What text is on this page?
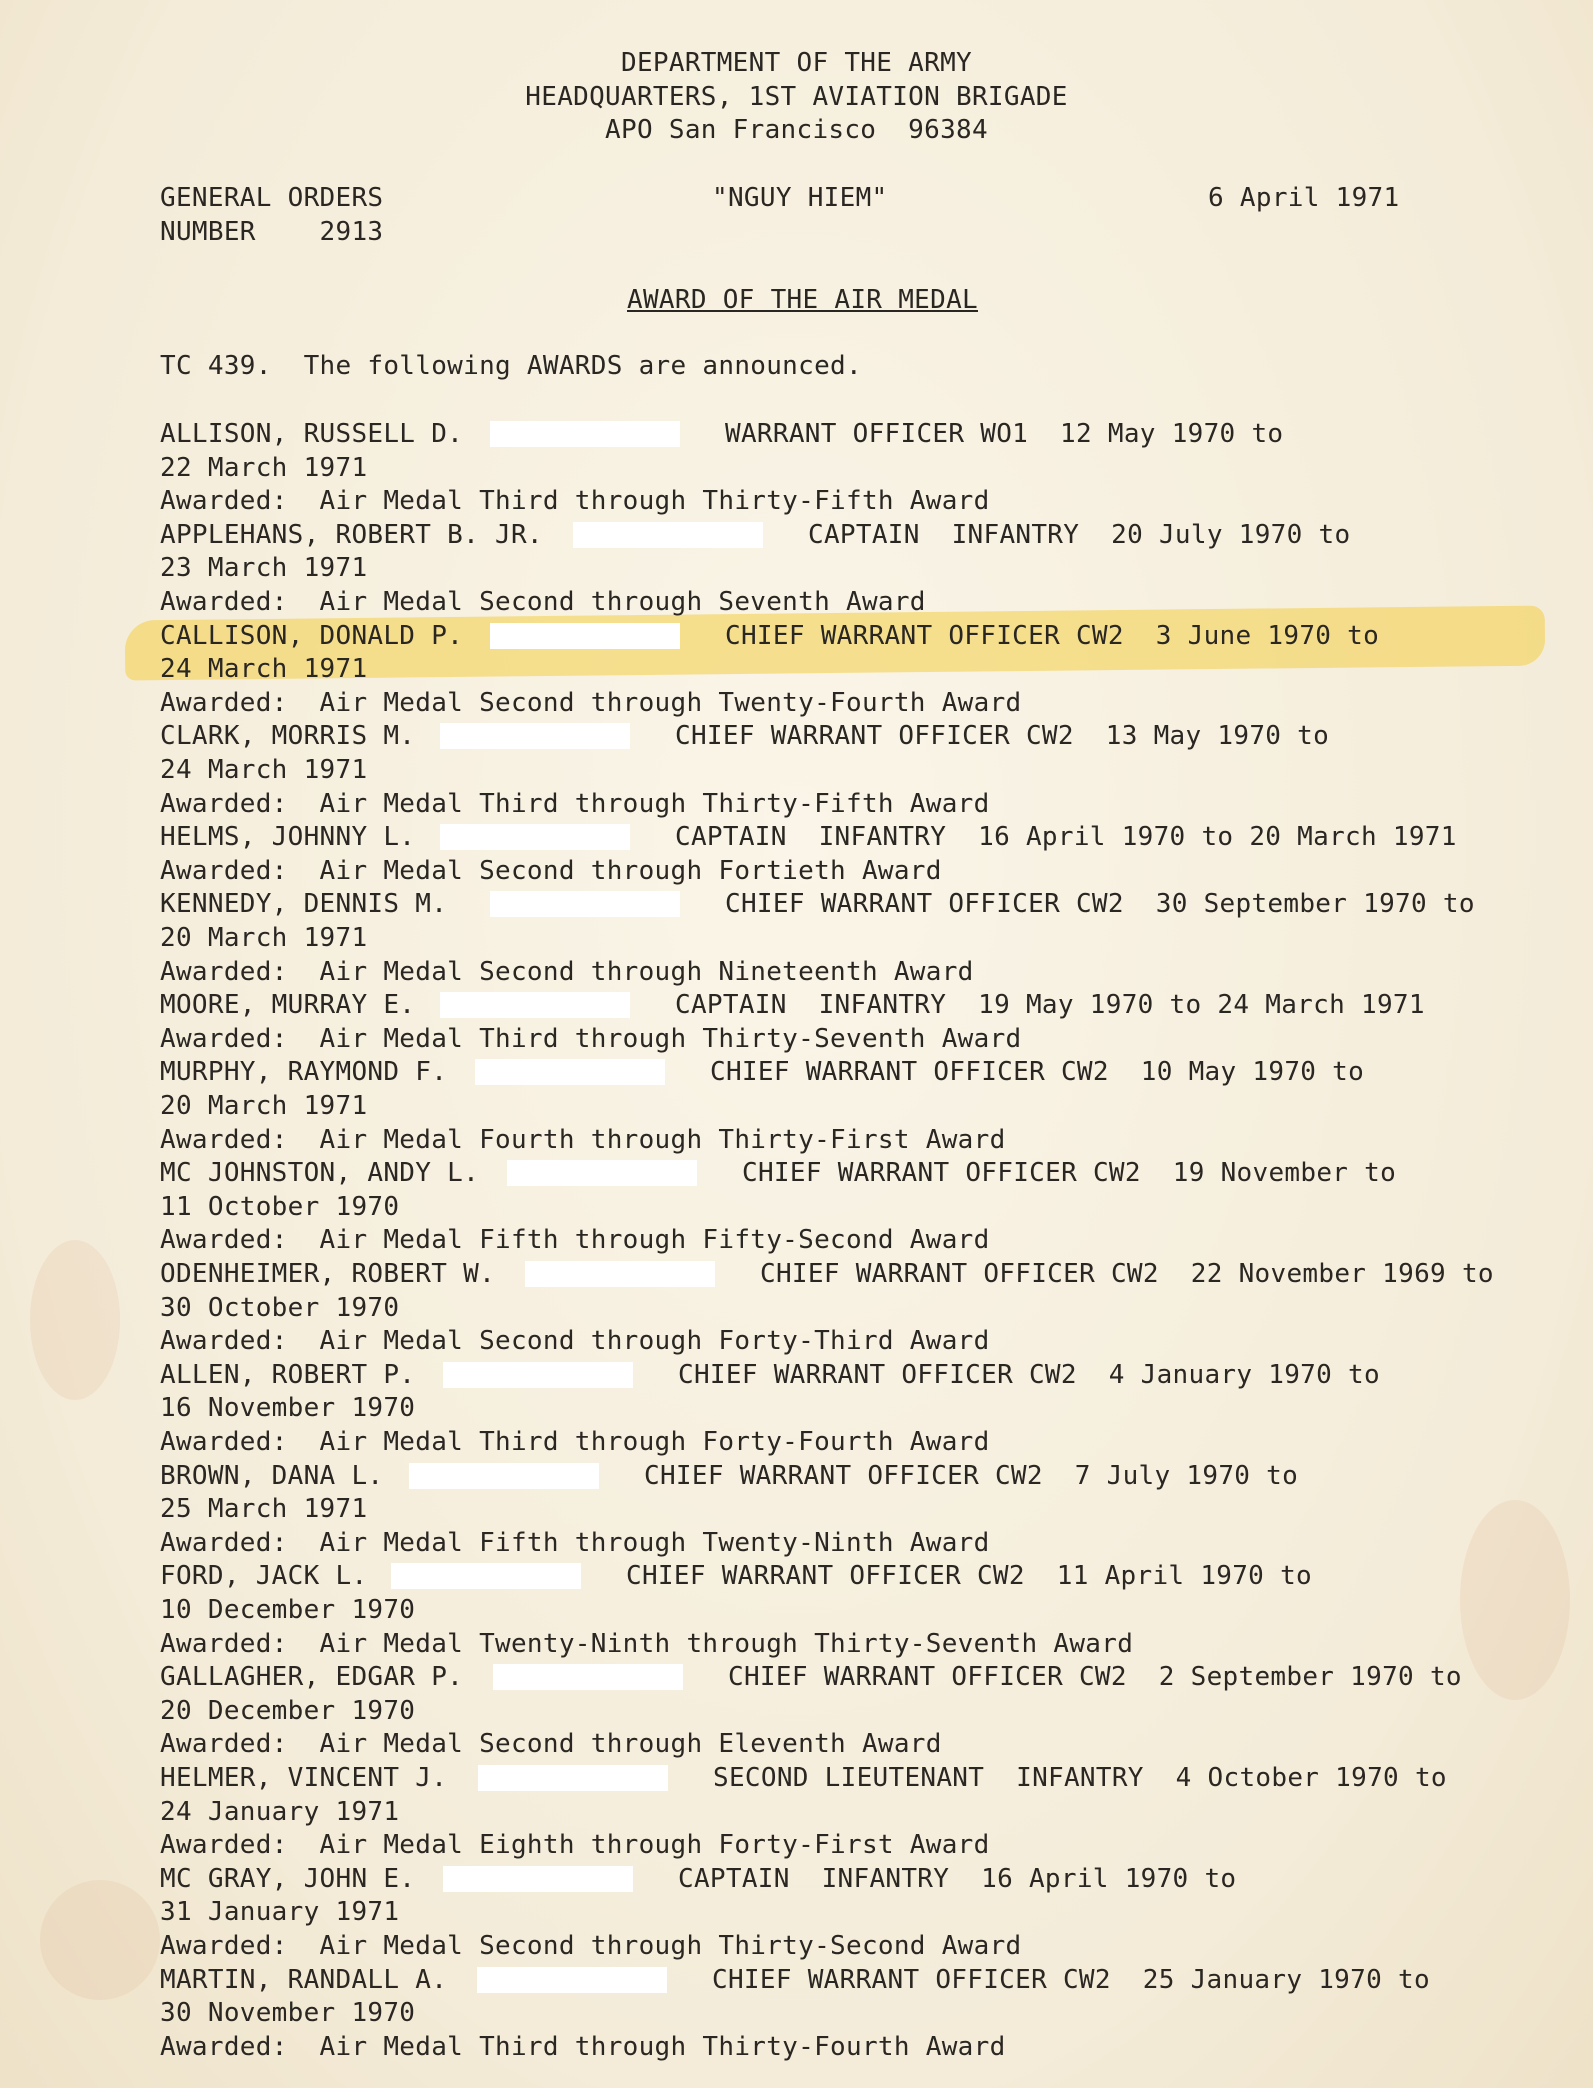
DEPARTMENT OF THE ARMY
HEADQUARTERS, 1ST AVIATION BRIGADE
APO San Francisco  96384
GENERAL ORDERS
NUMBER    2913
"NGUY HIEM"	6 April 1971
AWARD OF THE AIR MEDAL
TC 439.  The following AWARDS are announced.
ALLISON, RUSSELL D.	WARRANT OFFICER WO1  12 May 1970 to
22 March 1971
Awarded:  Air Medal Third through Thirty-Fifth Award
APPLEHANS, ROBERT B. JR.	CAPTAIN  INFANTRY  20 July 1970 to
23 March 1971
Awarded:  Air Medal Second through Seventh Award
CALLISON, DONALD P.	CHIEF WARRANT OFFICER CW2  3 June 1970 to
24 March 1971
Awarded:  Air Medal Second through Twenty-Fourth Award
CLARK, MORRIS M.	CHIEF WARRANT OFFICER CW2  13 May 1970 to
24 March 1971
Awarded:  Air Medal Third through Thirty-Fifth Award
HELMS, JOHNNY L.	CAPTAIN  INFANTRY  16 April 1970 to 20 March 1971
Awarded:  Air Medal Second through Fortieth Award
KENNEDY, DENNIS M.	CHIEF WARRANT OFFICER CW2  30 September 1970 to
20 March 1971
Awarded:  Air Medal Second through Nineteenth Award
MOORE, MURRAY E.	CAPTAIN  INFANTRY  19 May 1970 to 24 March 1971
Awarded:  Air Medal Third through Thirty-Seventh Award
MURPHY, RAYMOND F.	CHIEF WARRANT OFFICER CW2  10 May 1970 to
20 March 1971
Awarded:  Air Medal Fourth through Thirty-First Award
MC JOHNSTON, ANDY L.	CHIEF WARRANT OFFICER CW2  19 November to
11 October 1970
Awarded:  Air Medal Fifth through Fifty-Second Award
ODENHEIMER, ROBERT W.	CHIEF WARRANT OFFICER CW2  22 November 1969 to
30 October 1970
Awarded:  Air Medal Second through Forty-Third Award
ALLEN, ROBERT P.	CHIEF WARRANT OFFICER CW2  4 January 1970 to
16 November 1970
Awarded:  Air Medal Third through Forty-Fourth Award
BROWN, DANA L.	CHIEF WARRANT OFFICER CW2  7 July 1970 to
25 March 1971
Awarded:  Air Medal Fifth through Twenty-Ninth Award
FORD, JACK L.	CHIEF WARRANT OFFICER CW2  11 April 1970 to
10 December 1970
Awarded:  Air Medal Twenty-Ninth through Thirty-Seventh Award
GALLAGHER, EDGAR P.	CHIEF WARRANT OFFICER CW2  2 September 1970 to
20 December 1970
Awarded:  Air Medal Second through Eleventh Award
HELMER, VINCENT J.	SECOND LIEUTENANT  INFANTRY  4 October 1970 to
24 January 1971
Awarded:  Air Medal Eighth through Forty-First Award
MC GRAY, JOHN E.	CAPTAIN  INFANTRY  16 April 1970 to
31 January 1971
Awarded:  Air Medal Second through Thirty-Second Award
MARTIN, RANDALL A.	CHIEF WARRANT OFFICER CW2  25 January 1970 to
30 November 1970
Awarded:  Air Medal Third through Thirty-Fourth Award
